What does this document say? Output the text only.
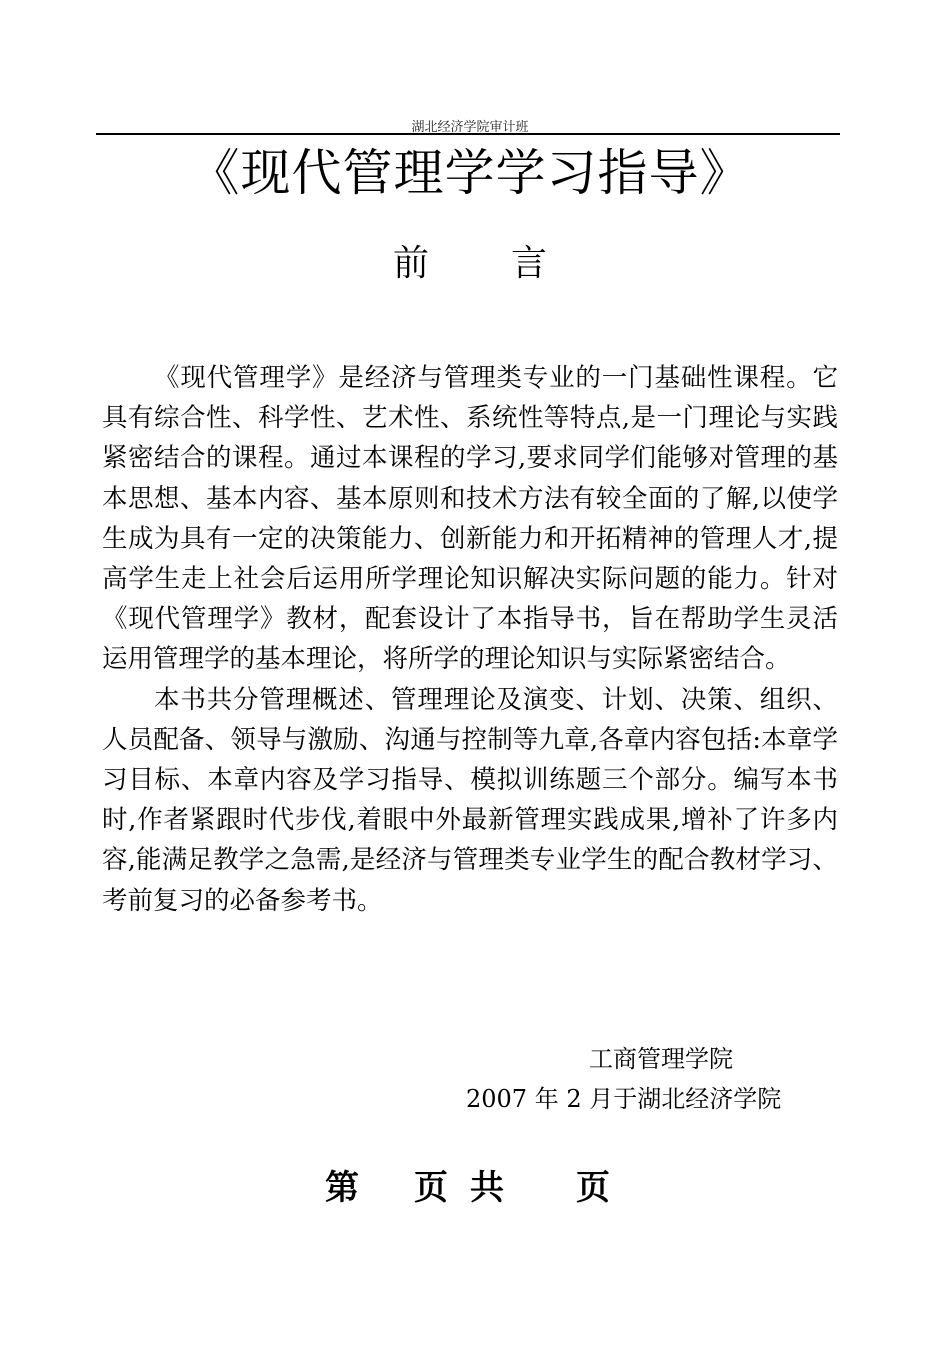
湖北经济学院审计班
《现代管理学学习指导》
前 言

《现代管理学》是经济与管理类专业的一门基础性课程。它具有综合性、科学性、艺术性、系统性等特点,是一门理论与实践紧密结合的课程。通过本课程的学习,要求同学们能够对管理的基本思想、基本内容、基本原则和技术方法有较全面的了解,以使学生成为具有一定的决策能力、创新能力和开拓精神的管理人才,提高学生走上社会后运用所学理论知识解决实际问题的能力。针对《现代管理学》教材，配套设计了本指导书，旨在帮助学生灵活运用管理学的基本理论，将所学的理论知识与实际紧密结合。

本书共分管理概述、管理理论及演变、计划、决策、组织、人员配备、领导与激励、沟通与控制等九章,各章内容包括:本章学习目标、本章内容及学习指导、模拟训练题三个部分。编写本书时,作者紧跟时代步伐,着眼中外最新管理实践成果,增补了许多内容,能满足教学之急需,是经济与管理类专业学生的配合教材学习、考前复习的必备参考书。

工商管理学院
2007 年 2 月于湖北经济学院
第 页 共 页
